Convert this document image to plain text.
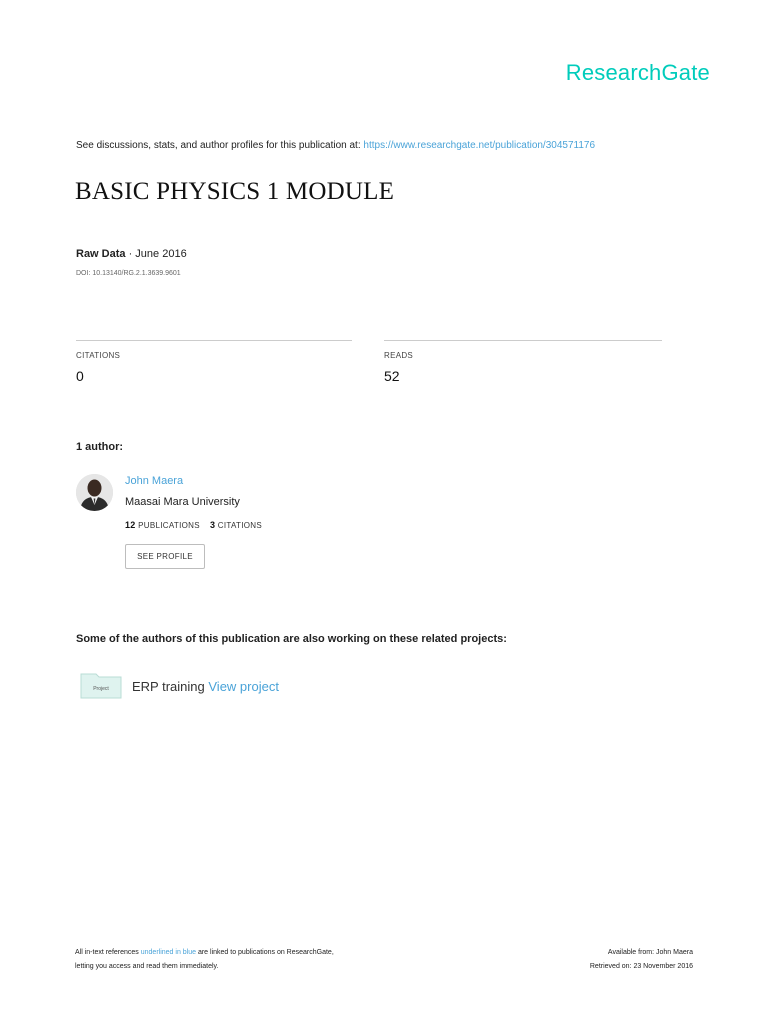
ResearchGate
See discussions, stats, and author profiles for this publication at: https://www.researchgate.net/publication/304571176
BASIC PHYSICS 1 MODULE
Raw Data · June 2016
DOI: 10.13140/RG.2.1.3639.9601
CITATIONS
0
READS
52
1 author:
John Maera
Maasai Mara University
12 PUBLICATIONS 3 CITATIONS
SEE PROFILE
Some of the authors of this publication are also working on these related projects:
Project ERP training View project
All in-text references underlined in blue are linked to publications on ResearchGate,
letting you access and read them immediately.
Available from: John Maera
Retrieved on: 23 November 2016
